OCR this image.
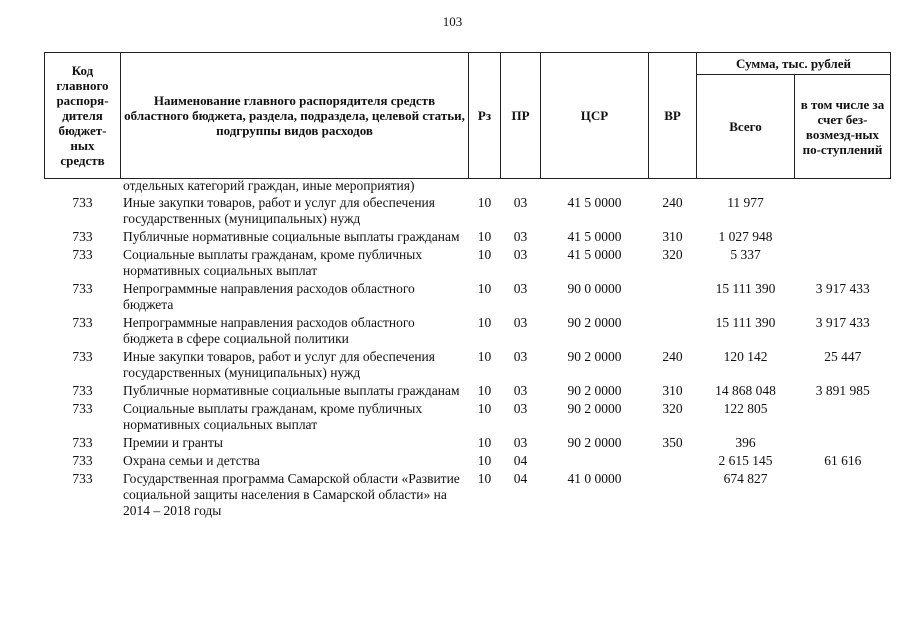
103
Код главного распоря-дителя бюджет-ных средств	Наименование главного распорядителя средств областного бюджета, раздела, подраздела, целевой статьи, подгруппы видов расходов	Рз	ПР	ЦСР	ВР	Сумма, тыс. рублей	
						Всего	в том числе за счет без-возмезд-ных по-ступлений
	отдельных категорий граждан, иные мероприятия)						
733	Иные закупки товаров, работ и услуг для обеспечения государственных (муниципальных) нужд	10	03	41 5 0000	240	11 977	
733	Публичные нормативные социальные выплаты гражданам	10	03	41 5 0000	310	1 027 948	
733	Социальные выплаты гражданам, кроме публичных нормативных социальных выплат	10	03	41 5 0000	320	5 337	
733	Непрограммные направления расходов областного бюджета	10	03	90 0 0000		15 111 390	3 917 433
733	Непрограммные направления расходов областного бюджета в сфере социальной политики	10	03	90 2 0000		15 111 390	3 917 433
733	Иные закупки товаров, работ и услуг для обеспечения государственных (муниципальных) нужд	10	03	90 2 0000	240	120 142	25 447
733	Публичные нормативные социальные выплаты гражданам	10	03	90 2 0000	310	14 868 048	3 891 985
733	Социальные выплаты гражданам, кроме публичных нормативных социальных выплат	10	03	90 2 0000	320	122 805	
733	Премии и гранты	10	03	90 2 0000	350	396	
733	Охрана семьи и детства	10	04			2 615 145	61 616
733	Государственная программа Самарской области «Развитие социальной защиты населения в Самарской области» на 2014 – 2018 годы	10	04	41 0 0000		674 827	
